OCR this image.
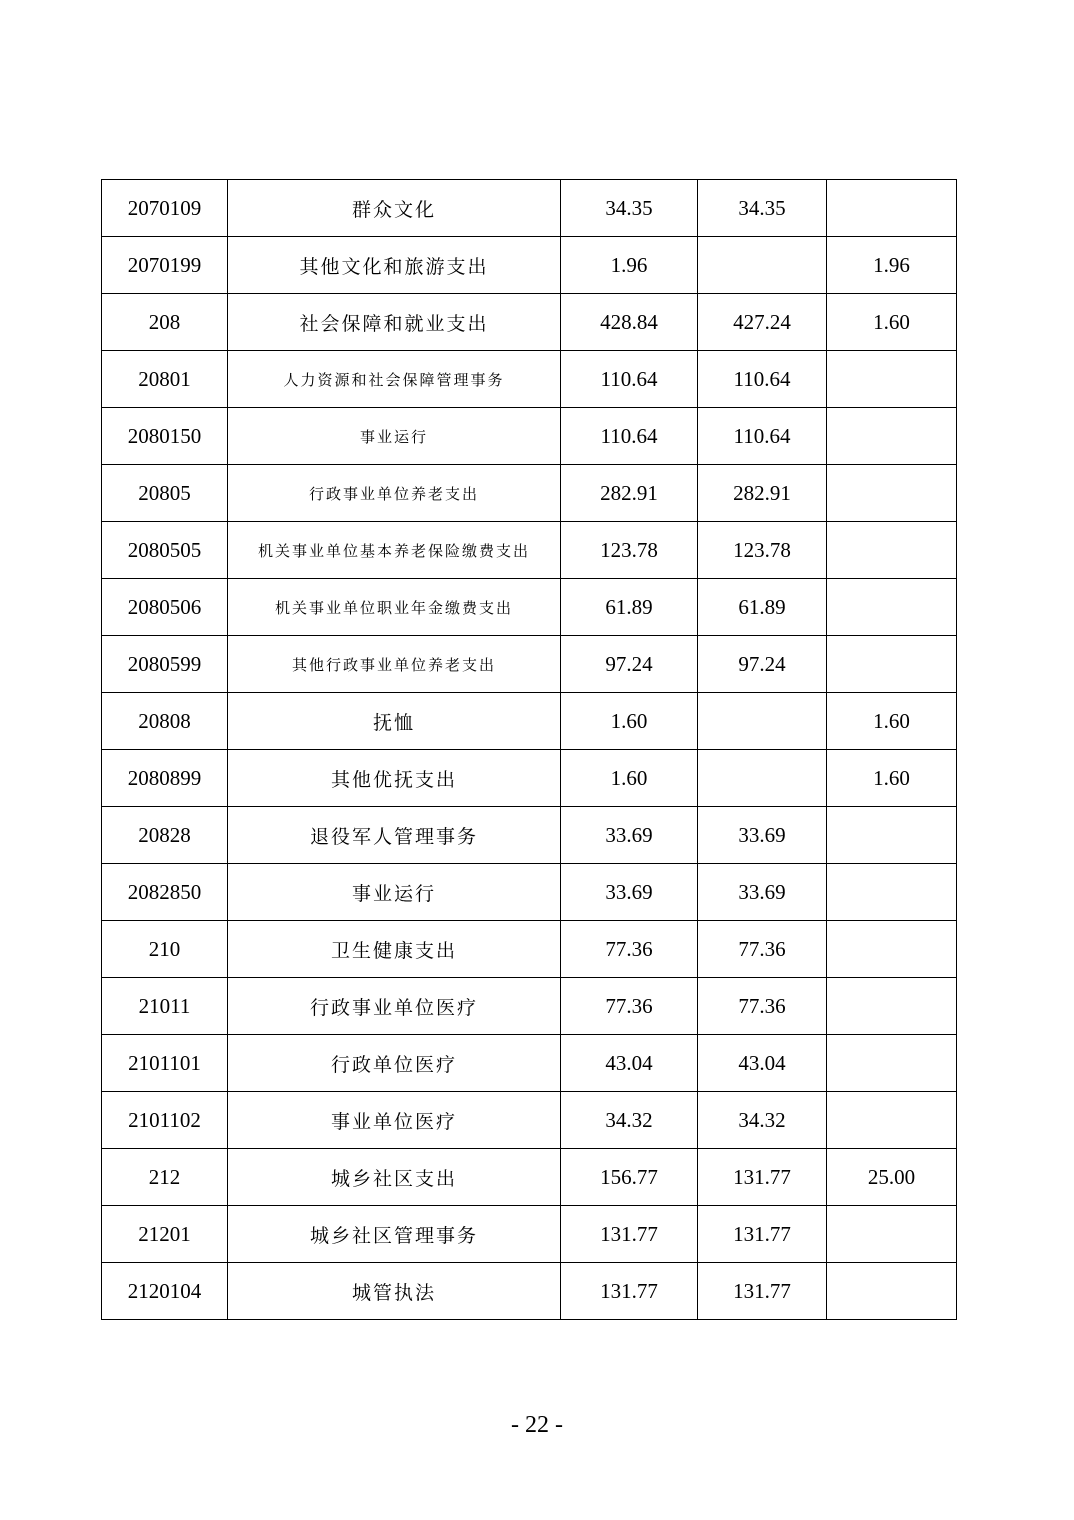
2070109	群众文化	34.35	34.35	
2070199	其他文化和旅游支出	1.96		1.96
208	社会保障和就业支出	428.84	427.24	1.60
20801	人力资源和社会保障管理事务	110.64	110.64	
2080150	事业运行	110.64	110.64	
20805	行政事业单位养老支出	282.91	282.91	
2080505	机关事业单位基本养老保险缴费支出	123.78	123.78	
2080506	机关事业单位职业年金缴费支出	61.89	61.89	
2080599	其他行政事业单位养老支出	97.24	97.24	
20808	抚恤	1.60		1.60
2080899	其他优抚支出	1.60		1.60
20828	退役军人管理事务	33.69	33.69	
2082850	事业运行	33.69	33.69	
210	卫生健康支出	77.36	77.36	
21011	行政事业单位医疗	77.36	77.36	
2101101	行政单位医疗	43.04	43.04	
2101102	事业单位医疗	34.32	34.32	
212	城乡社区支出	156.77	131.77	25.00
21201	城乡社区管理事务	131.77	131.77	
2120104	城管执法	131.77	131.77	
- 22 -
